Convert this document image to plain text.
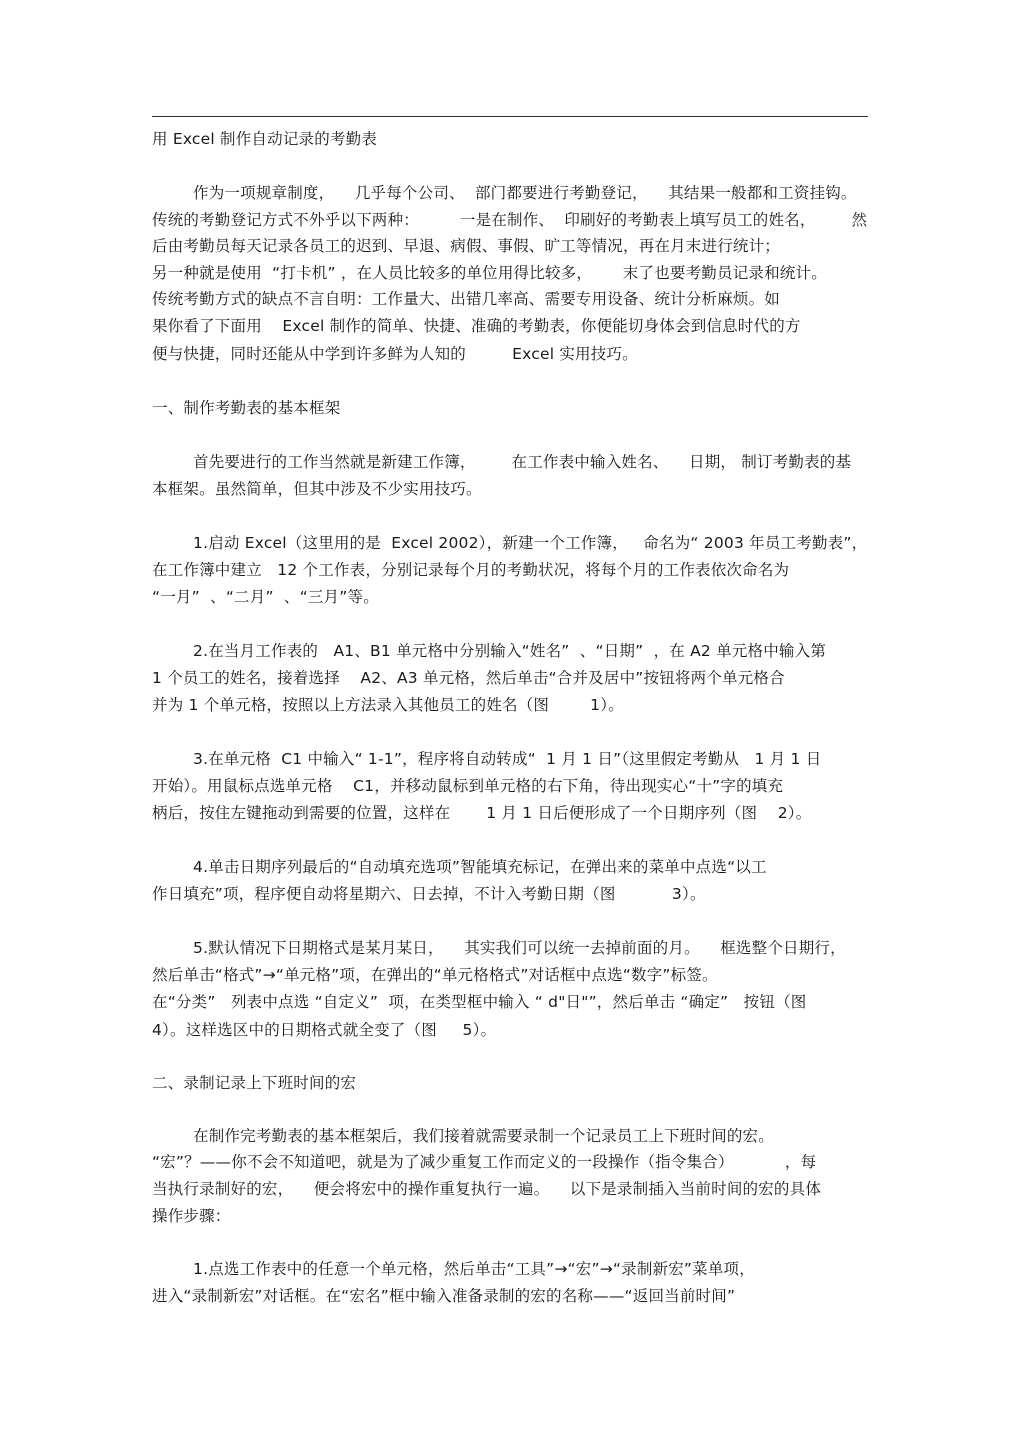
用 Excel 制作自动记录的考勤表

作为一项规章制度，    几乎每个公司、  部门都要进行考勤登记，    其结果一般都和工资挂钩。

传统的考勤登记方式不外乎以下两种：        一是在制作、  印刷好的考勤表上填写员工的姓名，       然

后由考勤员每天记录各员工的迟到、早退、病假、事假、旷工等情况，再在月末进行统计；

另一种就是使用  “打卡机” ，在人员比较多的单位用得比较多，      末了也要考勤员记录和统计。

传统考勤方式的缺点不言自明：工作量大、出错几率高、需要专用设备、统计分析麻烦。如

果你看了下面用    Excel 制作的简单、快捷、准确的考勤表，你便能切身体会到信息时代的方

便与快捷，同时还能从中学到许多鲜为人知的         Excel 实用技巧。

一、制作考勤表的基本框架

首先要进行的工作当然就是新建工作簿，       在工作表中输入姓名、    日期， 制订考勤表的基

本框架。虽然简单，但其中涉及不少实用技巧。

1.启动 Excel（这里用的是  Excel 2002），新建一个工作簿，   命名为“ 2003 年员工考勤表”，

在工作簿中建立   12 个工作表，分别记录每个月的考勤状况，将每个月的工作表依次命名为

“一月”  、“二月”  、“三月”等。

2.在当月工作表的   A1、B1 单元格中分别输入“姓名”  、“日期”  ，在 A2 单元格中输入第

1 个员工的姓名，接着选择    A2、A3 单元格，然后单击“合并及居中”按钮将两个单元格合

并为 1 个单元格，按照以上方法录入其他员工的姓名（图        1）。

3.在单元格  C1 中输入“ 1-1”，程序将自动转成“  1 月 1 日”（这里假定考勤从   1 月 1 日

开始）。用鼠标点选单元格    C1，并移动鼠标到单元格的右下角，待出现实心“十”字的填充

柄后，按住左键拖动到需要的位置，这样在       1 月 1 日后便形成了一个日期序列（图    2）。

4.单击日期序列最后的“自动填充选项”智能填充标记，在弹出来的菜单中点选“以工

作日填充”项，程序便自动将星期六、日去掉，不计入考勤日期（图           3）。

5.默认情况下日期格式是某月某日，    其实我们可以统一去掉前面的月。    框选整个日期行，

然后单击“格式”→“单元格”项，在弹出的“单元格格式”对话框中点选“数字”标签。

在“分类”   列表中点选 “自定义”  项，在类型框中输入 “ d"日"”，然后单击 “确定”   按钮（图

4）。这样选区中的日期格式就全变了（图     5）。

二、录制记录上下班时间的宏

在制作完考勤表的基本框架后，我们接着就需要录制一个记录员工上下班时间的宏。

“宏”？——你不会不知道吧，就是为了减少重复工作而定义的一段操作（指令集合）          ，每

当执行录制好的宏，    便会将宏中的操作重复执行一遍。    以下是录制插入当前时间的宏的具体

操作步骤：

1.点选工作表中的任意一个单元格，然后单击“工具”→“宏”→“录制新宏”菜单项，

进入“录制新宏”对话框。在“宏名”框中输入准备录制的宏的名称——“返回当前时间”
